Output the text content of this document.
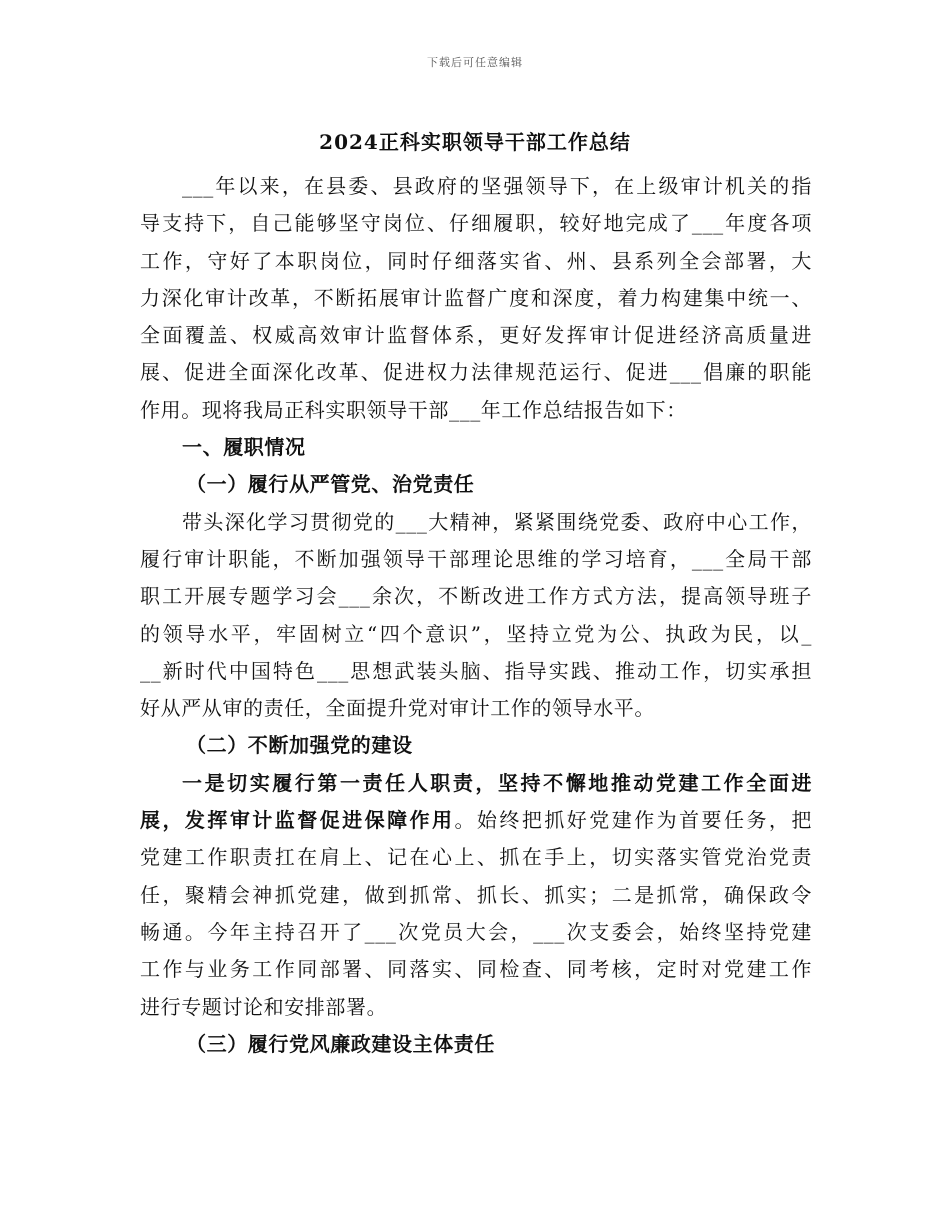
下载后可任意编辑
2024正科实职领导干部工作总结
___年以来，在县委、县政府的坚强领导下，在上级审计机关的指
导支持下，自己能够坚守岗位、仔细履职，较好地完成了___年度各项
工作，守好了本职岗位，同时仔细落实省、州、县系列全会部署，大
力深化审计改革，不断拓展审计监督广度和深度，着力构建集中统一、
全面覆盖、权威高效审计监督体系，更好发挥审计促进经济高质量进
展、促进全面深化改革、促进权力法律规范运行、促进___倡廉的职能
作用。现将我局正科实职领导干部___年工作总结报告如下：
一、履职情况
（一）履行从严管党、治党责任
带头深化学习贯彻党的___大精神，紧紧围绕党委、政府中心工作，
履行审计职能，不断加强领导干部理论思维的学习培育，___全局干部
职工开展专题学习会___余次，不断改进工作方式方法，提高领导班子
的领导水平，牢固树立“四个意识”，坚持立党为公、执政为民，以_
__新时代中国特色___思想武装头脑、指导实践、推动工作，切实承担
好从严从审的责任，全面提升党对审计工作的领导水平。
（二）不断加强党的建设
一是切实履行第一责任人职责，坚持不懈地推动党建工作全面进
展，发挥审计监督促进保障作用。始终把抓好党建作为首要任务，把
党建工作职责扛在肩上、记在心上、抓在手上，切实落实管党治党责
任，聚精会神抓党建，做到抓常、抓长、抓实；二是抓常，确保政令
畅通。今年主持召开了___次党员大会，___次支委会，始终坚持党建
工作与业务工作同部署、同落实、同检查、同考核，定时对党建工作
进行专题讨论和安排部署。
（三）履行党风廉政建设主体责任
